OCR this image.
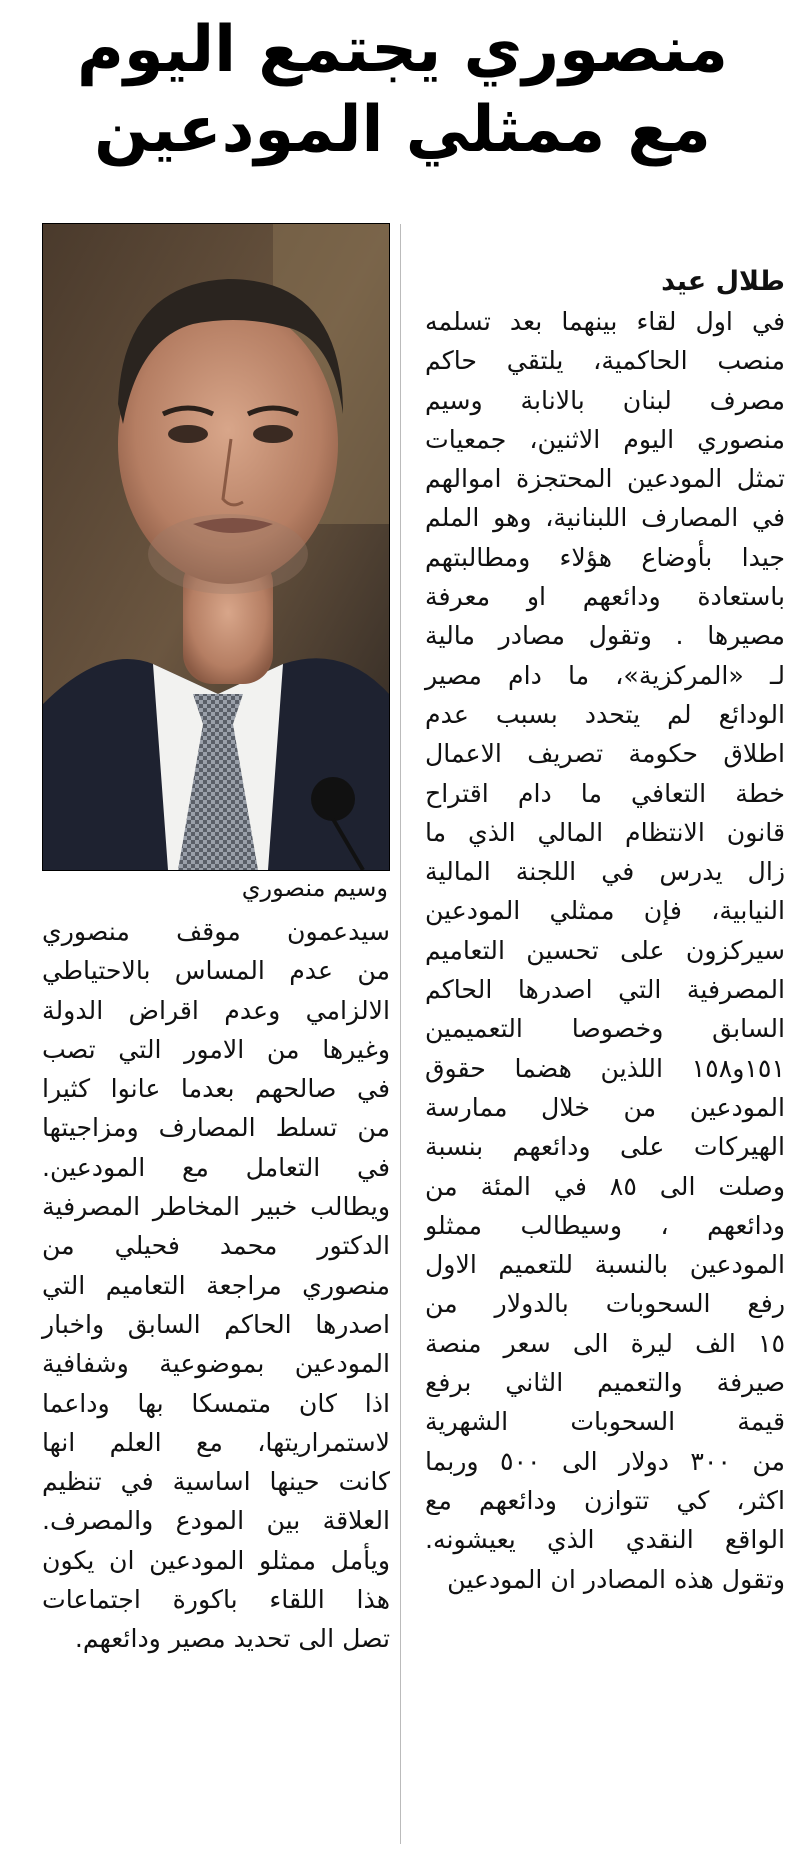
منصوري يجتمع اليوم
مع ممثلي المودعين

طلال عيد

في اول لقاء بينهما بعد تسلمه

منصب الحاكمية، يلتقي حاكم

مصرف لبنان بالانابة وسيم

منصوري اليوم الاثنين، جمعيات

تمثل المودعين المحتجزة اموالهم

في المصارف اللبنانية، وهو الملم

جيدا بأوضاع هؤلاء ومطالبتهم

باستعادة ودائعهم او معرفة

مصيرها . وتقول مصادر مالية

لـ «المركزية»، ما دام مصير

الودائع لم يتحدد بسبب عدم

اطلاق حكومة تصريف الاعمال

خطة التعافي ما دام اقتراح

قانون الانتظام المالي الذي ما

زال يدرس في اللجنة المالية

النيابية، فإن ممثلي المودعين

سيركزون على تحسين التعاميم

المصرفية التي اصدرها الحاكم

السابق وخصوصا التعميمين

١٥١و١٥٨ اللذين هضما حقوق

المودعين من خلال ممارسة

الهيركات على ودائعهم بنسبة

وصلت الى ٨٥ في المئة من

ودائعهم ، وسيطالب ممثلو

المودعين بالنسبة للتعميم الاول

رفع السحوبات بالدولار من

١٥ الف ليرة الى سعر منصة

صيرفة والتعميم الثاني برفع

قيمة السحوبات الشهرية

من ٣٠٠ دولار الى ٥٠٠ وربما

اكثر، كي تتوازن ودائعهم مع

الواقع النقدي الذي يعيشونه.

وتقول هذه المصادر ان المودعين

وسيم منصوري

سيدعمون موقف منصوري

من عدم المساس بالاحتياطي

الالزامي وعدم اقراض الدولة

وغيرها من الامور التي تصب

في صالحهم بعدما عانوا كثيرا

من تسلط المصارف ومزاجيتها

في التعامل مع المودعين.

ويطالب خبير المخاطر المصرفية

الدكتور محمد فحيلي من

منصوري مراجعة التعاميم التي

اصدرها الحاكم السابق واخبار

المودعين بموضوعية وشفافية

اذا كان متمسكا بها وداعما

لاستمراريتها، مع العلم انها

كانت حينها اساسية في تنظيم

العلاقة بين المودع والمصرف.

ويأمل ممثلو المودعين ان يكون

هذا اللقاء باكورة اجتماعات

تصل الى تحديد مصير ودائعهم.
